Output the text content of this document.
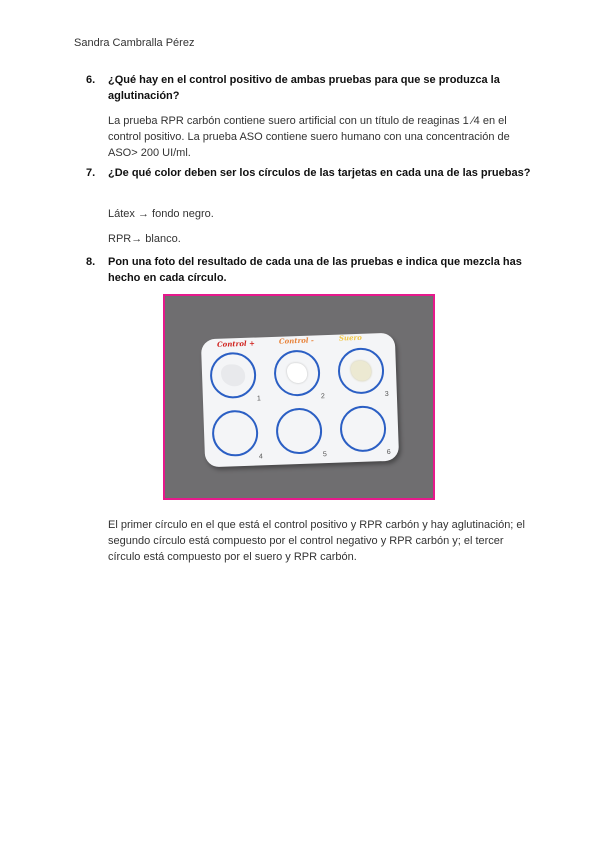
Sandra Cambralla Pérez
6. ¿Qué hay en el control positivo de ambas pruebas para que se produzca la aglutinación?
La prueba RPR carbón contiene suero artificial con un título de reaginas 1 ⁄4 en el control positivo. La prueba ASO contiene suero humano con una concentración de ASO> 200 UI/ml.
7. ¿De qué color deben ser los círculos de las tarjetas en cada una de las pruebas?
Látex → fondo negro.
RPR→ blanco.
8. Pon una foto del resultado de cada una de las pruebas e indica que mezcla has hecho en cada círculo.
Control +	Control -	Suero
1	2	3
4	5	6
El primer círculo en el que está el control positivo y RPR carbón y hay aglutinación; el segundo círculo está compuesto por el control negativo y RPR carbón y; el tercer círculo está compuesto por el suero y RPR carbón.
